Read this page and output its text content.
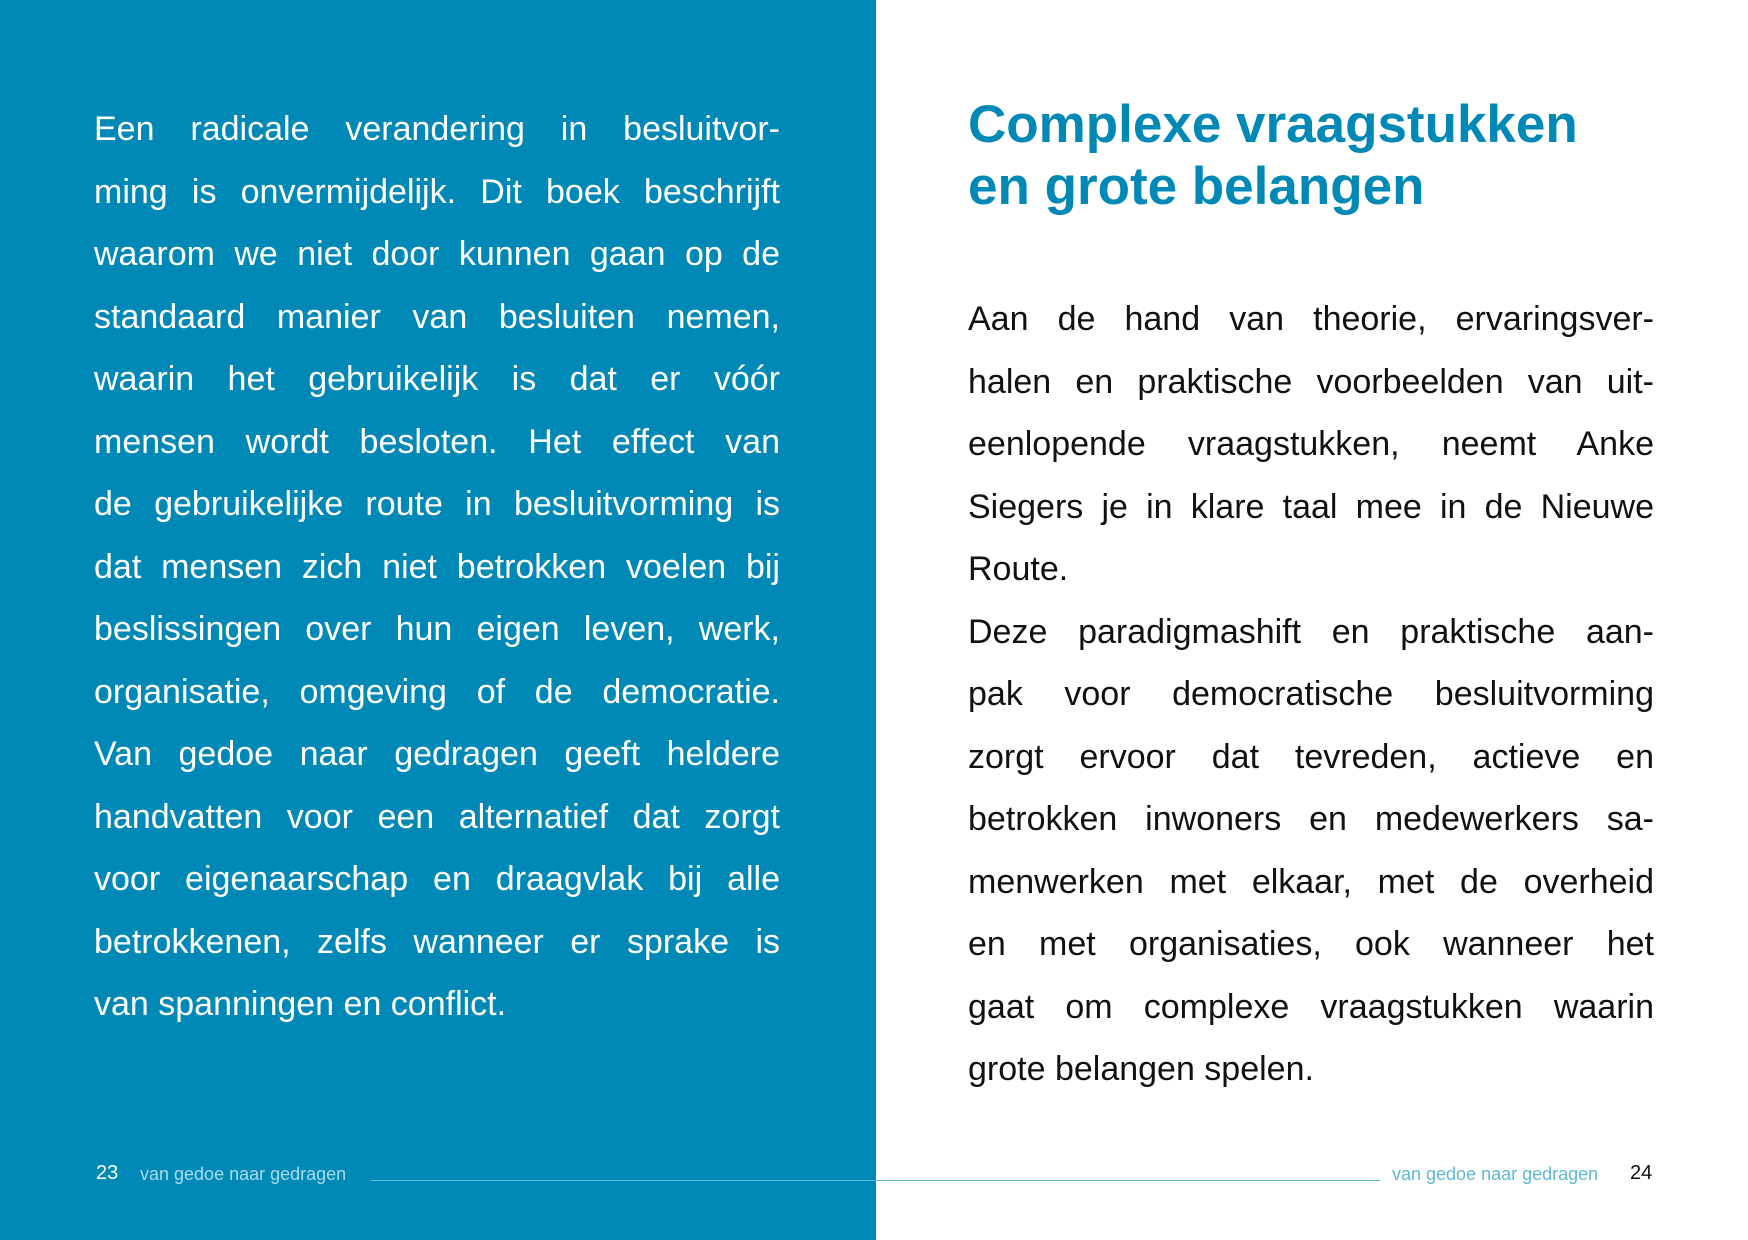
Een radicale verandering in besluitvor-
ming is onvermijdelijk. Dit boek beschrijft
waarom we niet door kunnen gaan op de
standaard manier van besluiten nemen,
waarin het gebruikelijk is dat er vóór
mensen wordt besloten. Het effect van
de gebruikelijke route in besluitvorming is
dat mensen zich niet betrokken voelen bij
beslissingen over hun eigen leven, werk,
organisatie, omgeving of de democratie.
Van gedoe naar gedragen geeft heldere
handvatten voor een alternatief dat zorgt
voor eigenaarschap en draagvlak bij alle
betrokkenen, zelfs wanneer er sprake is
van spanningen en conflict.

Complexe vraagstukken
en grote belangen

Aan de hand van theorie, ervaringsver-
halen en praktische voorbeelden van uit-
eenlopende vraagstukken, neemt Anke
Siegers je in klare taal mee in de Nieuwe
Route.
Deze paradigmashift en praktische aan-
pak voor democratische besluitvorming
zorgt ervoor dat tevreden, actieve en
betrokken inwoners en medewerkers sa-
menwerken met elkaar, met de overheid
en met organisaties, ook wanneer het
gaat om complexe vraagstukken waarin
grote belangen spelen.

23 van gedoe naar gedragen	van gedoe naar gedragen 24
